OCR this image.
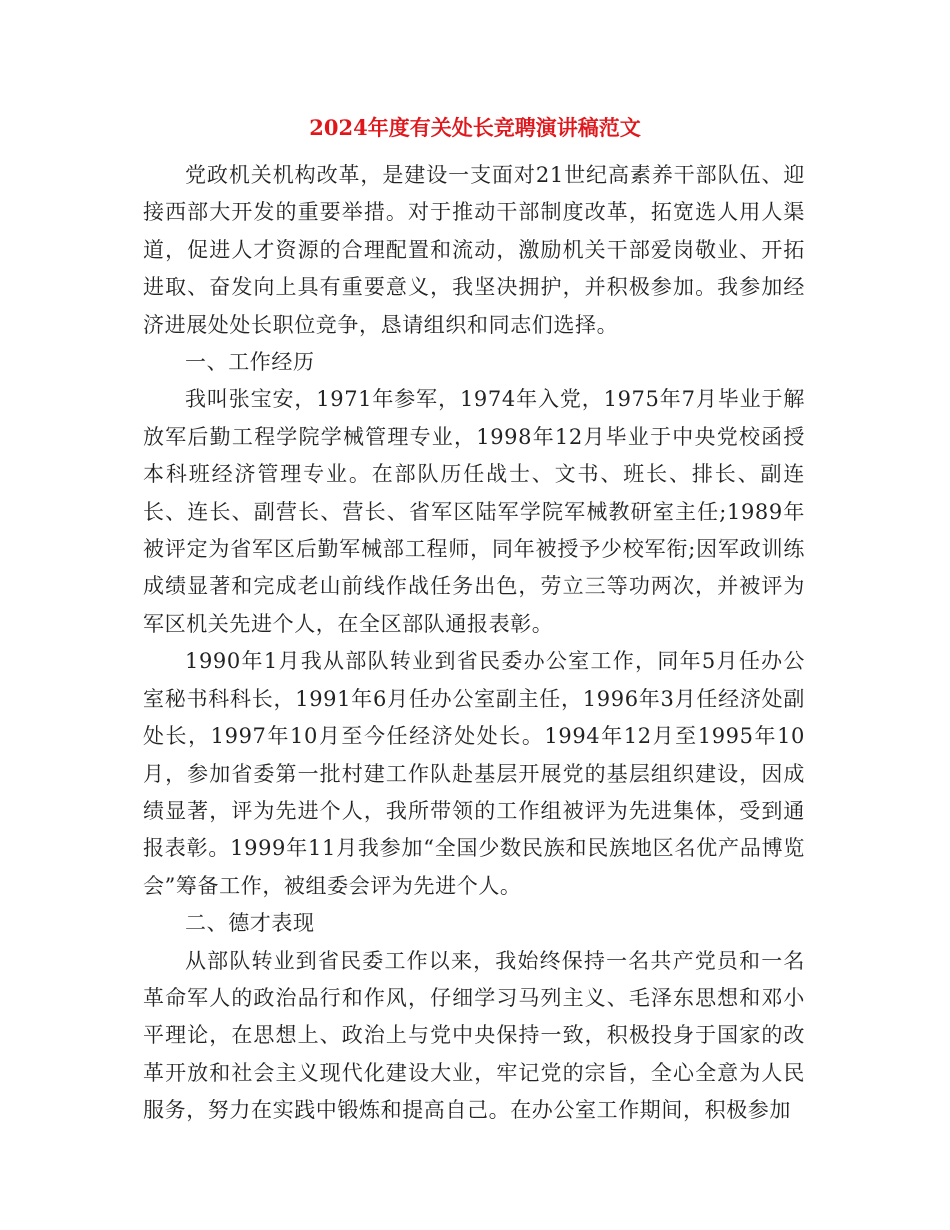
2024年度有关处长竞聘演讲稿范文

党政机关机构改革，是建设一支面对21世纪高素养干部队伍、迎接西部大开发的重要举措。对于推动干部制度改革，拓宽选人用人渠道，促进人才资源的合理配置和流动，激励机关干部爱岗敬业、开拓进取、奋发向上具有重要意义，我坚决拥护，并积极参加。我参加经济进展处处长职位竞争，恳请组织和同志们选择。

一、工作经历

我叫张宝安，1971年参军，1974年入党，1975年7月毕业于解放军后勤工程学院学械管理专业，1998年12月毕业于中央党校函授本科班经济管理专业。在部队历任战士、文书、班长、排长、副连长、连长、副营长、营长、省军区陆军学院军械教研室主任;1989年被评定为省军区后勤军械部工程师，同年被授予少校军衔;因军政训练成绩显著和完成老山前线作战任务出色，劳立三等功两次，并被评为军区机关先进个人，在全区部队通报表彰。

1990年1月我从部队转业到省民委办公室工作，同年5月任办公室秘书科科长，1991年6月任办公室副主任，1996年3月任经济处副处长，1997年10月至今任经济处处长。1994年12月至1995年10月，参加省委第一批村建工作队赴基层开展党的基层组织建设，因成绩显著，评为先进个人，我所带领的工作组被评为先进集体，受到通报表彰。1999年11月我参加“全国少数民族和民族地区名优产品博览会”筹备工作，被组委会评为先进个人。

二、德才表现

从部队转业到省民委工作以来，我始终保持一名共产党员和一名革命军人的政治品行和作风，仔细学习马列主义、毛泽东思想和邓小平理论，在思想上、政治上与党中央保持一致，积极投身于国家的改革开放和社会主义现代化建设大业，牢记党的宗旨，全心全意为人民服务，努力在实践中锻炼和提高自己。在办公室工作期间，积极参加
